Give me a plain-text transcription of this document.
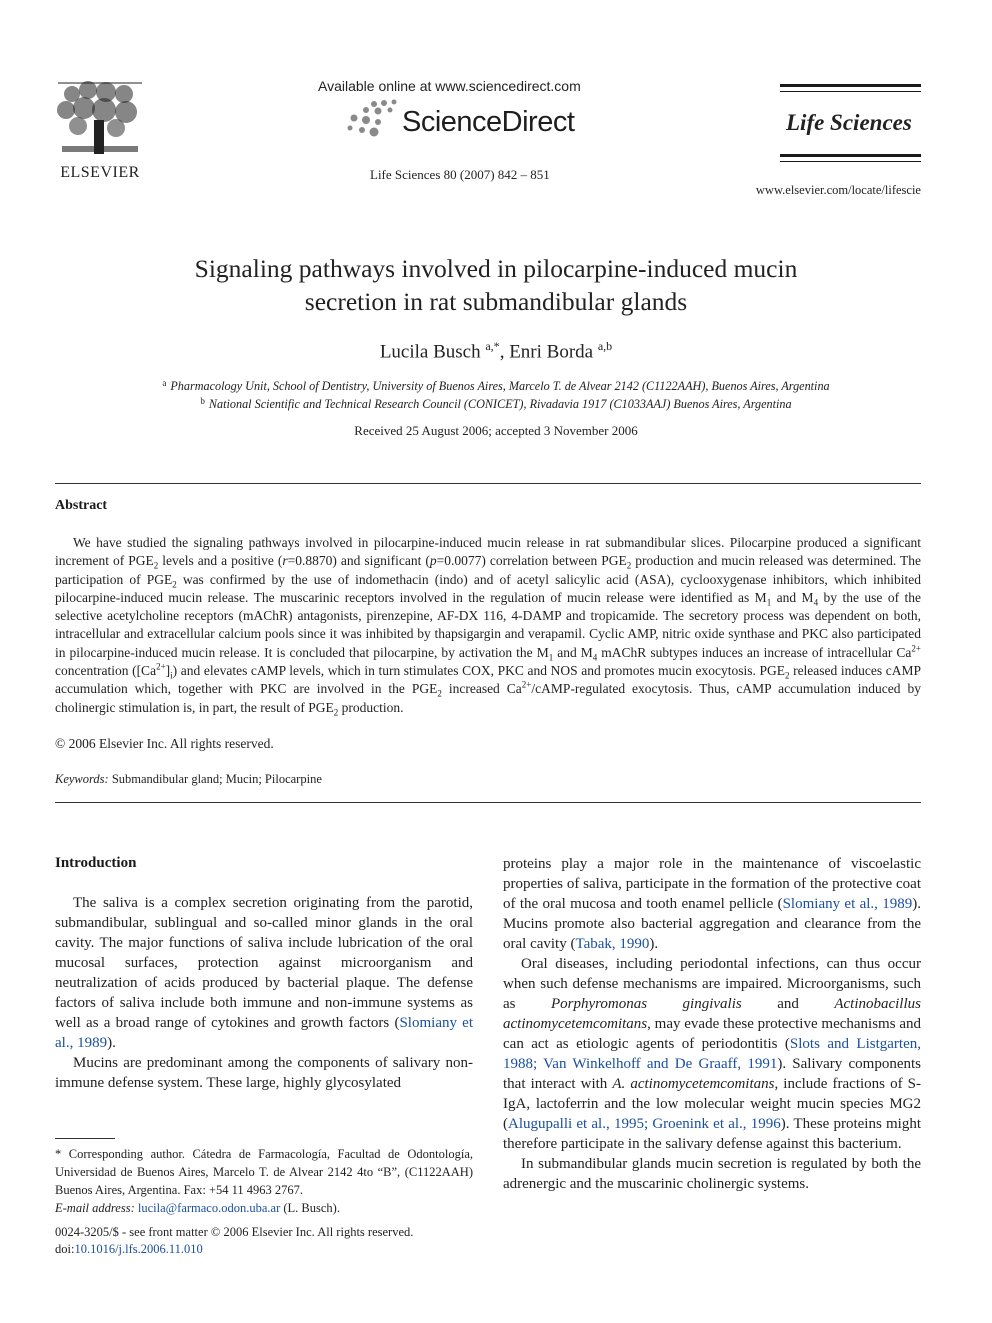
ELSEVIER
Available online at www.sciencedirect.com
ScienceDirect
Life Sciences 80 (2007) 842 – 851
Life Sciences
www.elsevier.com/locate/lifescie
Signaling pathways involved in pilocarpine-induced mucin
secretion in rat submandibular glands
Lucila Busch $^{a,*}$, Enri Borda $^{a,b}$
$^a$ Pharmacology Unit, School of Dentistry, University of Buenos Aires, Marcelo T. de Alvear 2142 (C1122AAH), Buenos Aires, Argentina
$^b$ National Scientific and Technical Research Council (CONICET), Rivadavia 1917 (C1033AAJ) Buenos Aires, Argentina
Received 25 August 2006; accepted 3 November 2006
Abstract
We have studied the signaling pathways involved in pilocarpine-induced mucin release in rat submandibular slices. Pilocarpine produced a significant increment of $PGE_2$ levels and a positive (r=0.8870) and significant (p=0.0077) correlation between $PGE_2$ production and mucin released was determined. The participation of $PGE_2$ was confirmed by the use of indomethacin (indo) and of acetyl salicylic acid (ASA), cyclooxygenase inhibitors, which inhibited pilocarpine-induced mucin release. The muscarinic receptors involved in the regulation of mucin release were identified as $M_1$ and $M_4$ by the use of the selective acetylcholine receptors (mAChR) antagonists, pirenzepine, AF-DX 116, 4-DAMP and tropicamide. The secretory process was dependent on both, intracellular and extracellular calcium pools since it was inhibited by thapsigargin and verapamil. Cyclic AMP, nitric oxide synthase and PKC also participated in pilocarpine-induced mucin release. It is concluded that pilocarpine, by activation the $M_1$ and $M_4$ mAChR subtypes induces an increase of intracellular $Ca^{2+}$ concentration $([Ca^{2+}]_i)$ and elevates cAMP levels, which in turn stimulates COX, PKC and NOS and promotes mucin exocytosis. $PGE_2$ released induces cAMP accumulation which, together with PKC are involved in the $PGE_2$ increased $Ca^{2+}/cAMP$-regulated exocytosis. Thus, cAMP accumulation induced by cholinergic stimulation is, in part, the result of $PGE_2$ production.
© 2006 Elsevier Inc. All rights reserved.
Keywords: Submandibular gland; Mucin; Pilocarpine
Introduction

The saliva is a complex secretion originating from the parotid, submandibular, sublingual and so-called minor glands in the oral cavity. The major functions of saliva include lubrication of the oral mucosal surfaces, protection against microorganism and neutralization of acids produced by bacterial plaque. The defense factors of saliva include both immune and non-immune systems as well as a broad range of cytokines and growth factors (Slomiany et al., 1989).

Mucins are predominant among the components of salivary non-immune defense system. These large, highly glycosylated

proteins play a major role in the maintenance of viscoelastic properties of saliva, participate in the formation of the protective coat of the oral mucosa and tooth enamel pellicle (Slomiany et al., 1989). Mucins promote also bacterial aggregation and clearance from the oral cavity (Tabak, 1990).

Oral diseases, including periodontal infections, can thus occur when such defense mechanisms are impaired. Microorganisms, such as Porphyromonas gingivalis and Actinobacillus actinomycetemcomitans, may evade these protective mechanisms and can act as etiologic agents of periodontitis (Slots and Listgarten, 1988; Van Winkelhoff and De Graaff, 1991). Salivary components that interact with A. actinomycetemcomitans, include fractions of S-IgA, lactoferrin and the low molecular weight mucin species MG2 (Alugupalli et al., 1995; Groenink et al., 1996). These proteins might therefore participate in the salivary defense against this bacterium.

In submandibular glands mucin secretion is regulated by both the adrenergic and the muscarinic cholinergic systems.

* Corresponding author. Cátedra de Farmacología, Facultad de Odontología, Universidad de Buenos Aires, Marcelo T. de Alvear 2142 4to “B”, (C1122AAH) Buenos Aires, Argentina. Fax: +54 11 4963 2767.
E-mail address: lucila@farmaco.odon.uba.ar (L. Busch).
0024-3205/$ - see front matter © 2006 Elsevier Inc. All rights reserved.
doi:10.1016/j.lfs.2006.11.010
